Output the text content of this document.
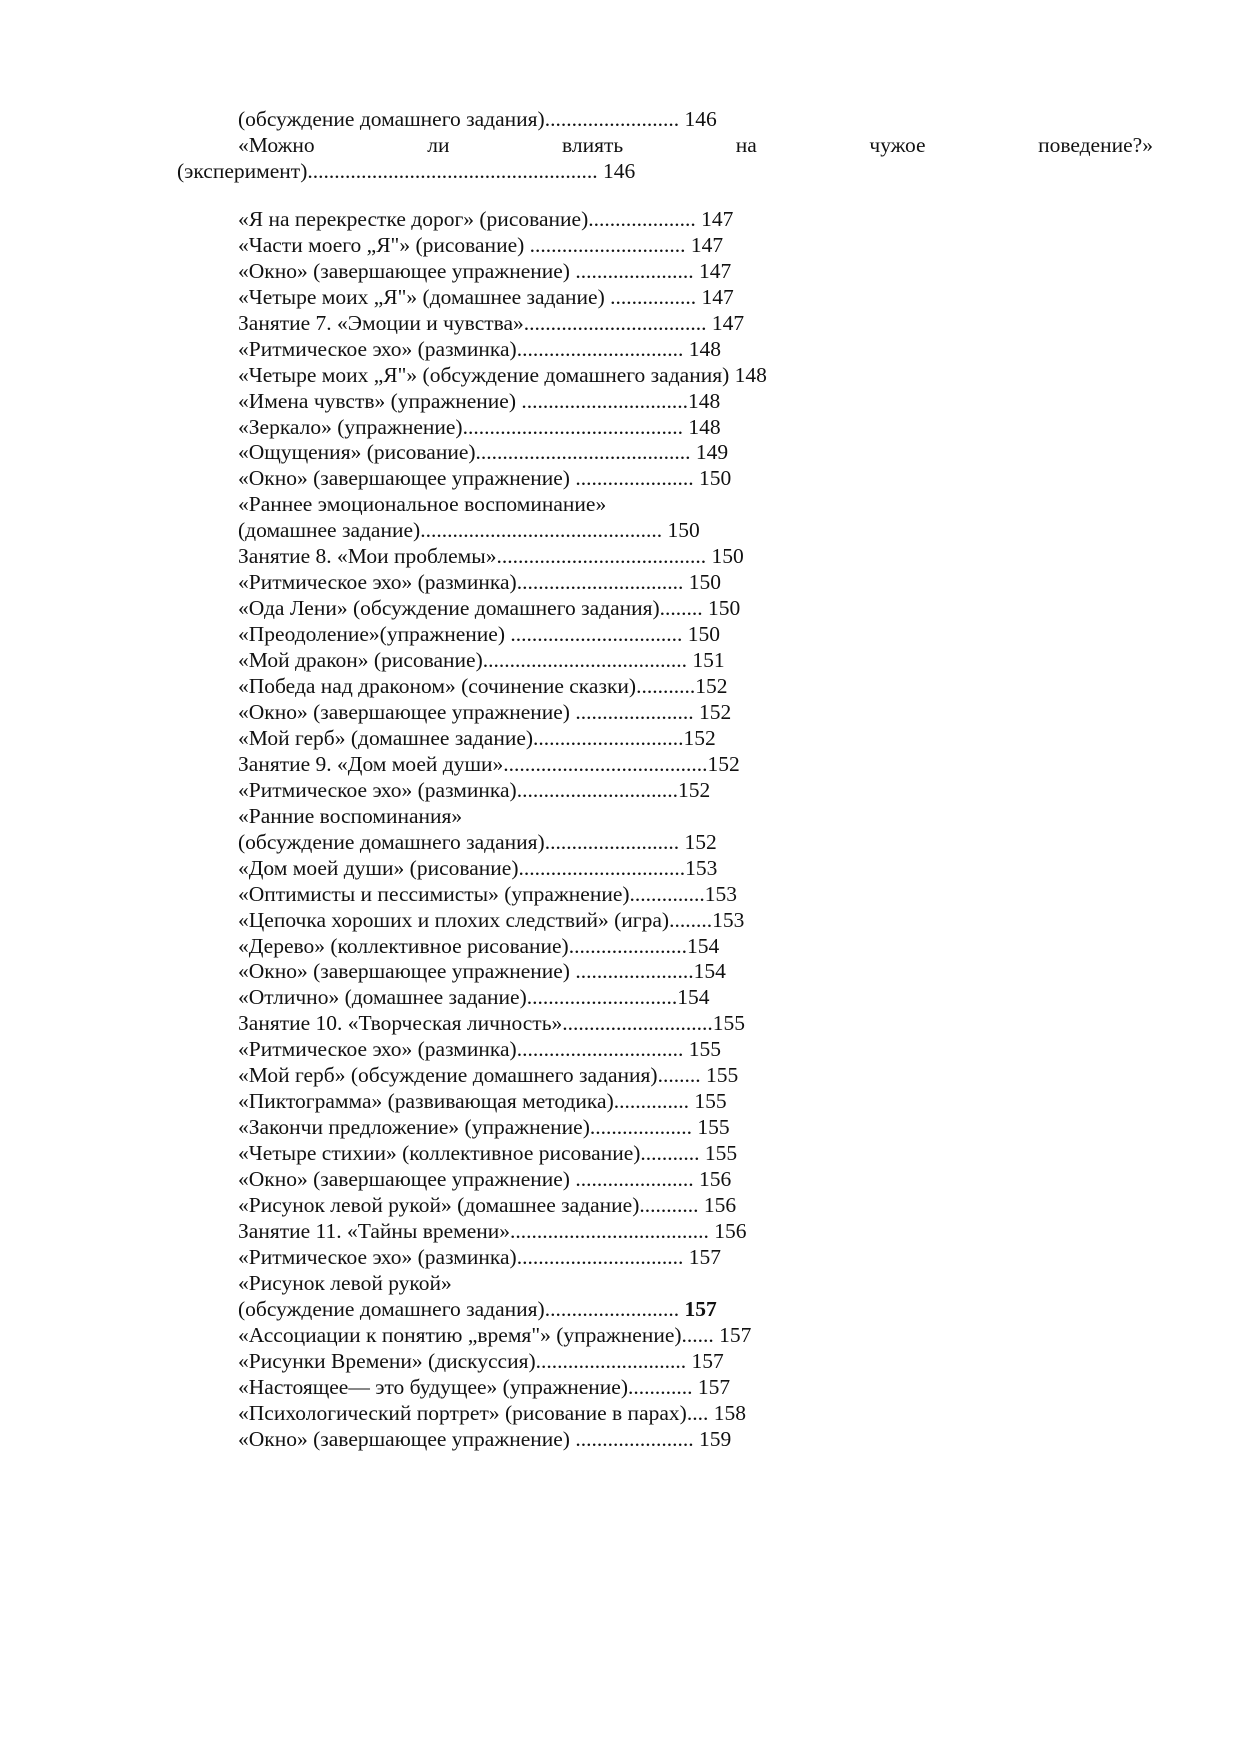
(обсуждение домашнего задания)......................... 146
«Можно	ли	влиять	на	чужое	поведение?»
(эксперимент)...................................................... 146
«Я на перекрестке дорог» (рисование).................... 147
«Части моего „Я"» (рисование) ............................. 147
«Окно» (завершающее упражнение) ...................... 147
«Четыре моих „Я"» (домашнее задание) ................ 147
Занятие 7. «Эмоции и чувства».................................. 147
«Ритмическое эхо» (разминка)............................... 148
«Четыре моих „Я"» (обсуждение домашнего задания) 148
«Имена чувств» (упражнение) ...............................148
«Зеркало» (упражнение)......................................... 148
«Ощущения» (рисование)........................................ 149
«Окно» (завершающее упражнение) ...................... 150
«Раннее эмоциональное воспоминание»
(домашнее задание)............................................. 150
Занятие 8. «Мои проблемы»....................................... 150
«Ритмическое эхо» (разминка)............................... 150
«Ода Лени» (обсуждение домашнего задания)........ 150
«Преодоление»(упражнение) ................................ 150
«Мой дракон» (рисование)...................................... 151
«Победа над драконом» (сочинение сказки)...........152
«Окно» (завершающее упражнение) ...................... 152
«Мой герб» (домашнее задание)............................152
Занятие 9. «Дом моей души»......................................152
«Ритмическое эхо» (разминка)..............................152
«Ранние воспоминания»
(обсуждение домашнего задания)......................... 152
«Дом моей души» (рисование)...............................153
«Оптимисты и пессимисты» (упражнение)..............153
«Цепочка хороших и плохих следствий» (игра)........153
«Дерево» (коллективное рисование)......................154
«Окно» (завершающее упражнение) ......................154
«Отлично» (домашнее задание)............................154
Занятие 10. «Творческая личность»............................155
«Ритмическое эхо» (разминка)............................... 155
«Мой герб» (обсуждение домашнего задания)........ 155
«Пиктограмма» (развивающая методика).............. 155
«Закончи предложение» (упражнение)................... 155
«Четыре стихии» (коллективное рисование)........... 155
«Окно» (завершающее упражнение) ...................... 156
«Рисунок левой рукой» (домашнее задание)........... 156
Занятие 11. «Тайны времени»..................................... 156
«Ритмическое эхо» (разминка)............................... 157
«Рисунок левой рукой»
(обсуждение домашнего задания)......................... 157
«Ассоциации к понятию „время"» (упражнение)...... 157
«Рисунки Времени» (дискуссия)............................ 157
«Настоящее— это будущее» (упражнение)............ 157
«Психологический портрет» (рисование в парах).... 158
«Окно» (завершающее упражнение) ...................... 159
